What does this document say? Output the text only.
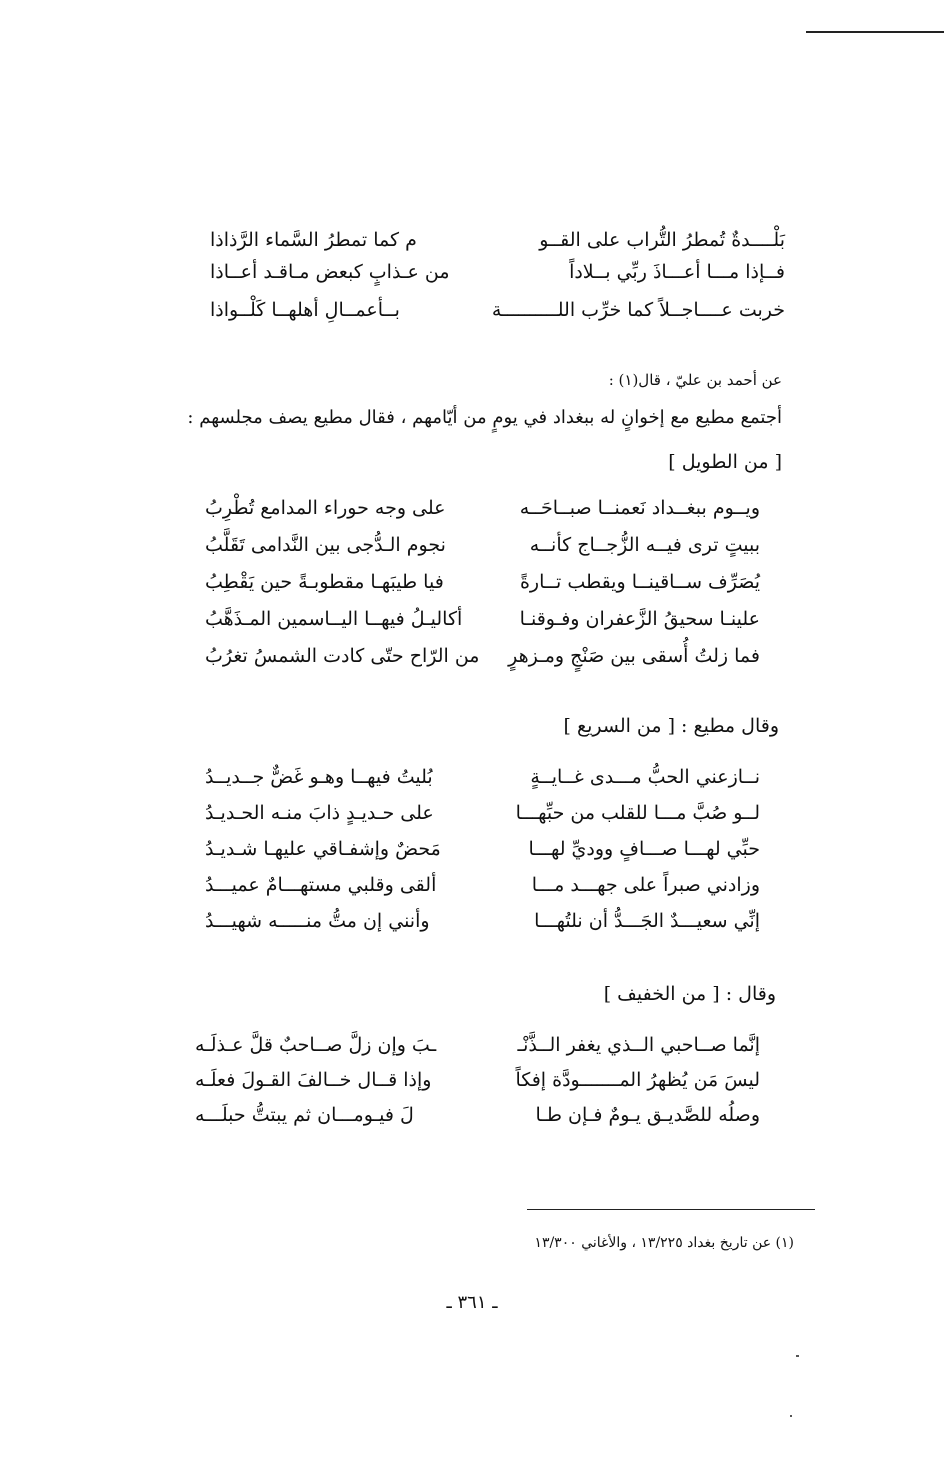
بَلْــــدةٌ تُمطرُ التُّراب على القــو
م كما تمطرُ السَّماء الرَّذاذا
فــإذا مـــا أعـــاذَ ربِّي بــلاداً
من عـذابٍ كبعض مـاقـد أعــاذا
خربت عــــاجــلاً كما خرِّب اللــــــــــة
بــأعمــالِ أهلهــا كَلْــواذا
عن أحمد بن عليّ ، قال(١) :
أجتمع مطيع مع إخوانٍ له ببغداد في يومٍ من أيّامهم ، فقال مطيع يصف مجلسهم :
[ من الطويل ]
ويــوم ببغــداد نَعمنــا صبــاحَــه
على وجه حوراء المدامع تُطْرِبُ
ببيتٍ ترى فيــه الزُّجــاج كأنــه
نجوم الـدُّجى بين النَّدامى تَقَلَّبُ
يُصَرِّف ســاقينــا ويقطب تــارةً
فيا طيبَهـا مقطوبـةً حين يَقْطِبُ
علينـا سحيقُ الزَّعفران وفـوقنـا
أكاليـلُ فيهــا اليــاسمين المـذَهَّبُ
فما زلتُ أُسقى بين صَنْجٍ ومـزهرٍ
من الرّاح حتّى كادت الشمسُ تغرُبُ
وقال مطيع : [ من السريع ]
نــازعني الحبُّ مـــدى غــايــةٍ
بُليتُ فيهــا وهـو غَضٌّ جــديــدُ
لــو صُبَّ مـــا للقلب من حبِّهـــا
على حـديـدٍ ذابَ منـه الحـديـدُ
حبِّي لهـــا صـــافٍ ووديِّ لهـــا
مَحضٌ وإشفـاقي عليهـا شـديـدُ
وزادني صبراً على جهـــد مـــا
ألقى وقلبي مستهـــامٌ عميـــدُ
إنِّي سعيـــدٌ الجَـــدُّ أن نلتُهـــا
وأنني إن متُّ منـــــه شهيـــدُ
وقال : [ من الخفيف ]
إنَّما صــاحبي الــذي يغفر الــذَّنْـ
ـبَ وإن زلَّ صــاحبٌ قلَّ عـذلَـه
ليسَ مَن يُظهرُ المـــــــودَّة إفكاً
وإذا قــال خــالفَ القـولَ فعلَـه
وصلُه للصَّديـق يـومٌ فـإن طـا
لَ فيـومـــان ثم يبتتُّ حبلَـــه
(١) عن تاريخ بغداد ١٣/٢٢٥ ، والأغاني ١٣/٣٠٠
ـ ٣٦١ ـ
